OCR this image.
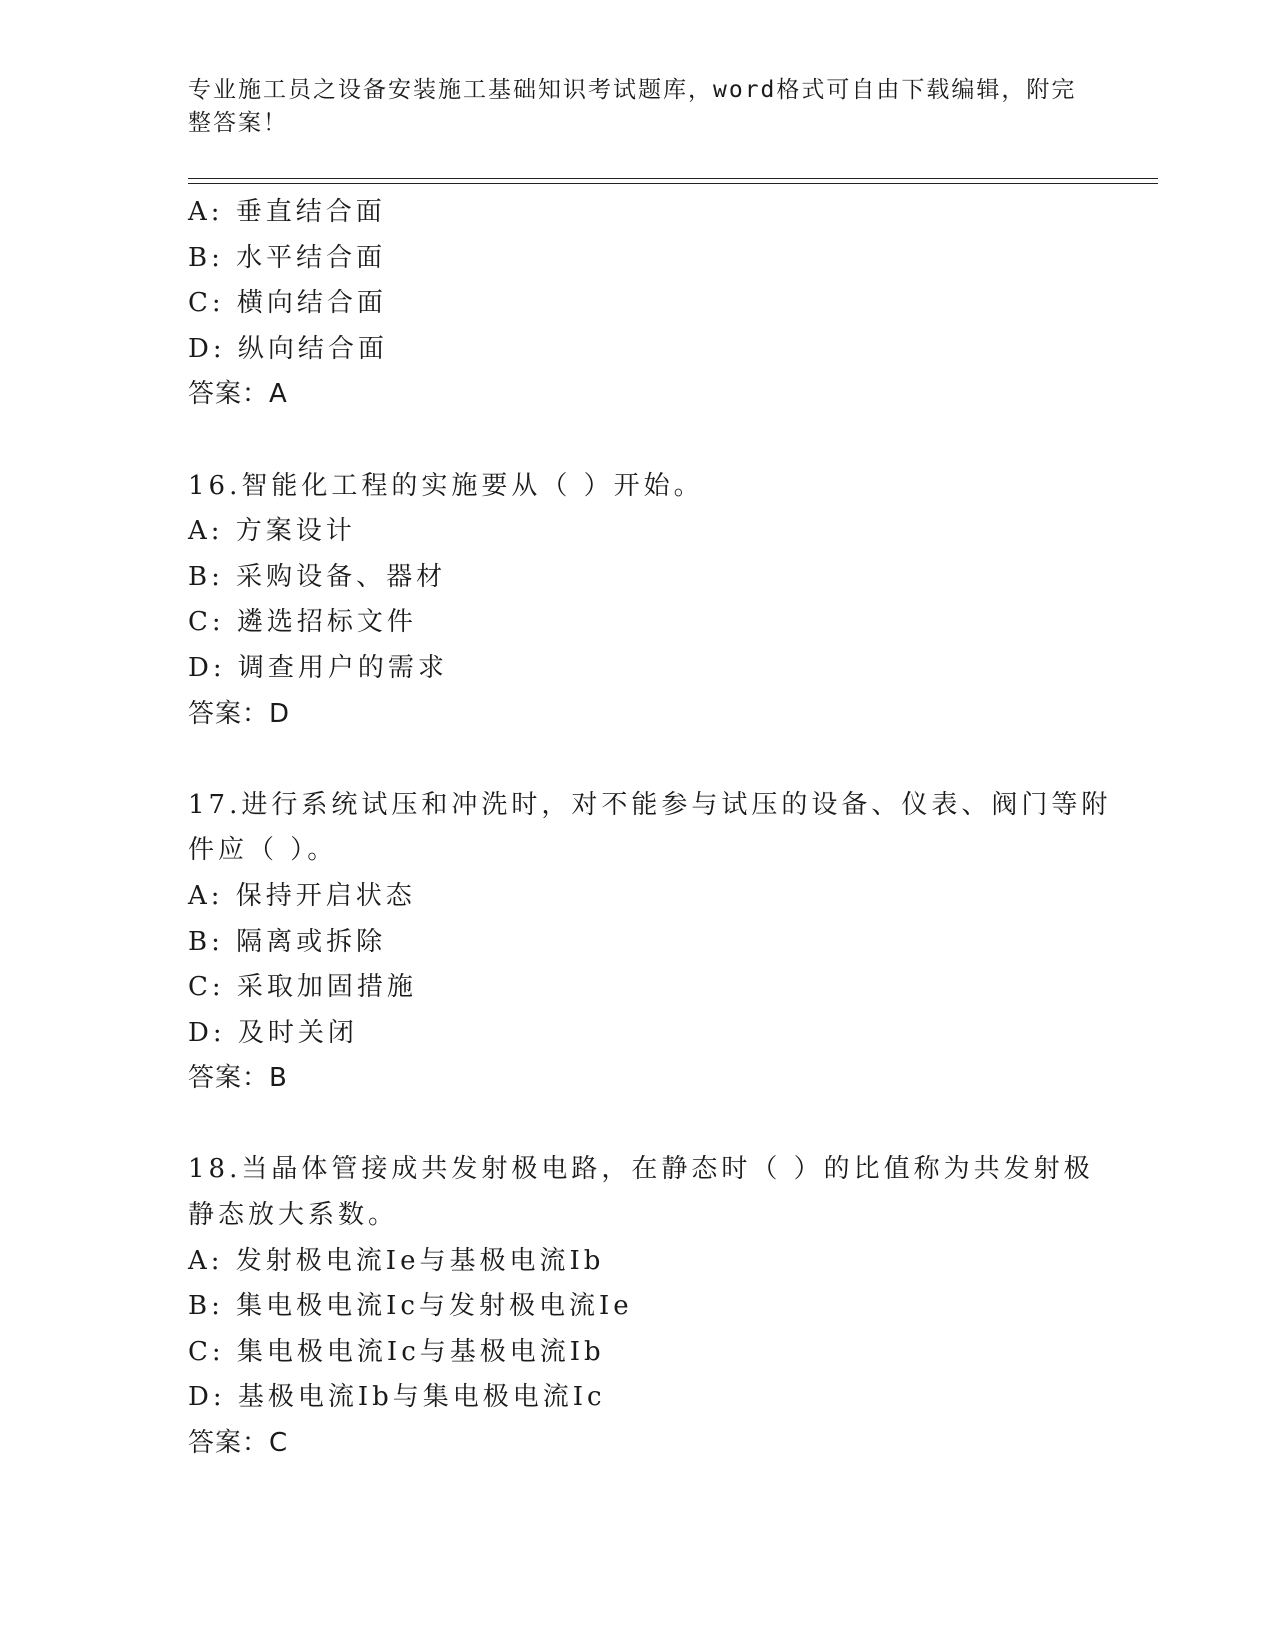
专业施工员之设备安装施工基础知识考试题库，word格式可自由下载编辑，附完
整答案！
A: 垂直结合面
B: 水平结合面
C: 横向结合面
D: 纵向结合面
答案：A
16.智能化工程的实施要从（ ）开始。
A: 方案设计
B: 采购设备、器材
C: 遴选招标文件
D: 调查用户的需求
答案：D
17.进行系统试压和冲洗时，对不能参与试压的设备、仪表、阀门等附
件应（ ）。
A: 保持开启状态
B: 隔离或拆除
C: 采取加固措施
D: 及时关闭
答案：B
18.当晶体管接成共发射极电路，在静态时（ ）的比值称为共发射极
静态放大系数。
A: 发射极电流Ie与基极电流Ib
B: 集电极电流Ic与发射极电流Ie
C: 集电极电流Ic与基极电流Ib
D: 基极电流Ib与集电极电流Ic
答案：C
